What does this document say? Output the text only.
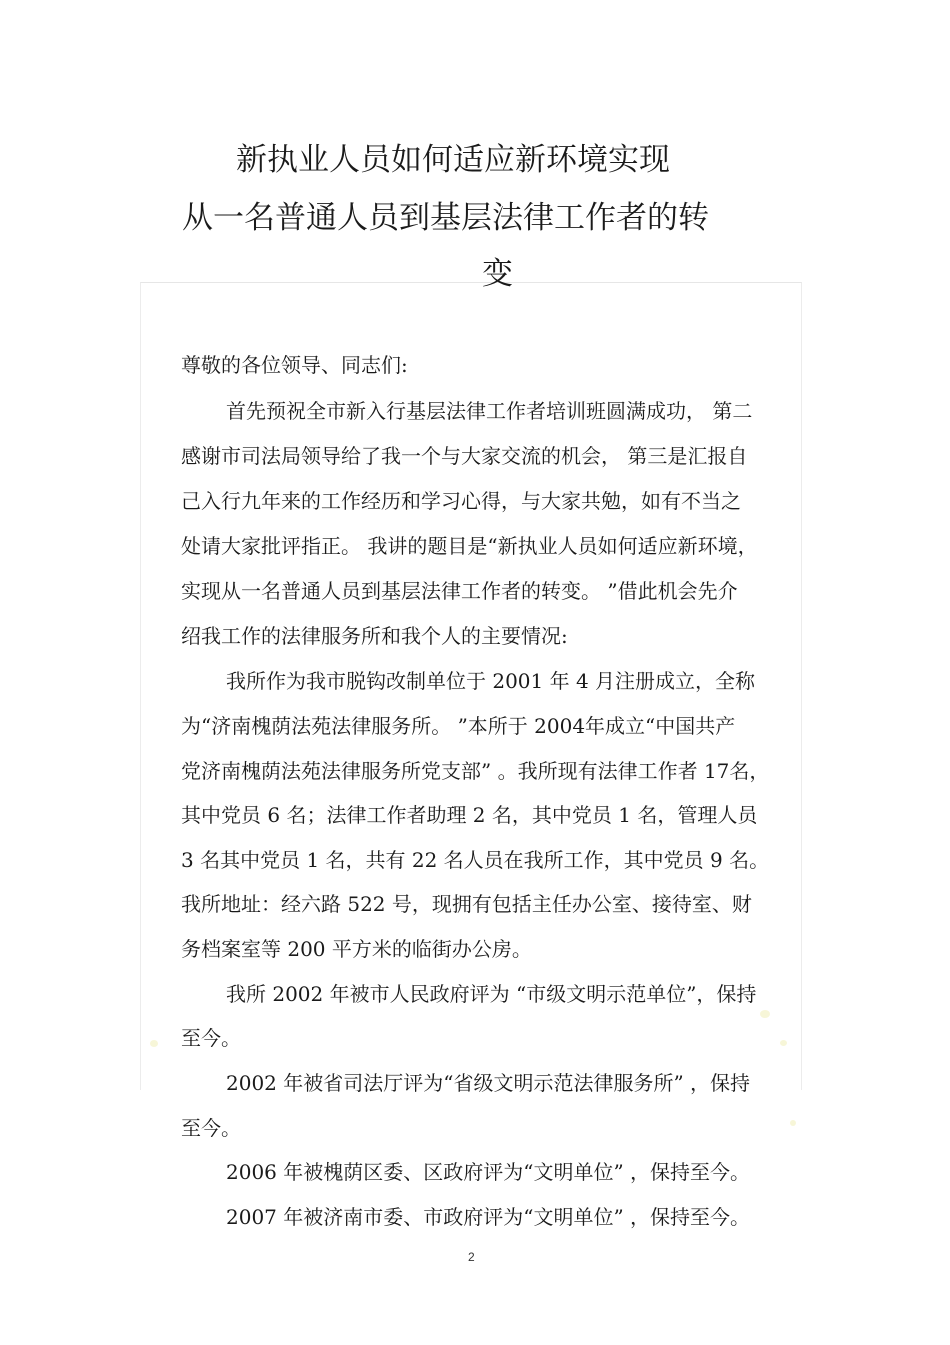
新执业人员如何适应新环境实现
从一名普通人员到基层法律工作者的转
变
尊敬的各位领导、同志们:
首先预祝全市新入行基层法律工作者培训班圆满成功， 第二
感谢市司法局领导给了我一个与大家交流的机会， 第三是汇报自
己入行九年来的工作经历和学习心得，与大家共勉，如有不当之
处请大家批评指正。 我讲的题目是“新执业人员如何适应新环境，
实现从一名普通人员到基层法律工作者的转变。 ”借此机会先介
绍我工作的法律服务所和我个人的主要情况:
我所作为我市脱钩改制单位于 2001 年 4 月注册成立，全称
为“济南槐荫法苑法律服务所。 ”本所于 2004年成立“中国共产
党济南槐荫法苑法律服务所党支部” 。我所现有法律工作者 17名，
其中党员 6 名；法律工作者助理 2 名，其中党员 1 名，管理人员
3 名其中党员 1 名，共有 22 名人员在我所工作，其中党员 9 名。
我所地址：经六路 522 号，现拥有包括主任办公室、接待室、财
务档案室等 200 平方米的临街办公房。
我所 2002 年被市人民政府评为 “市级文明示范单位”，保持
至今。
2002 年被省司法厅评为“省级文明示范法律服务所” ，保持
至今。
2006 年被槐荫区委、区政府评为“文明单位” ，保持至今。
2007 年被济南市委、市政府评为“文明单位” ，保持至今。
2
